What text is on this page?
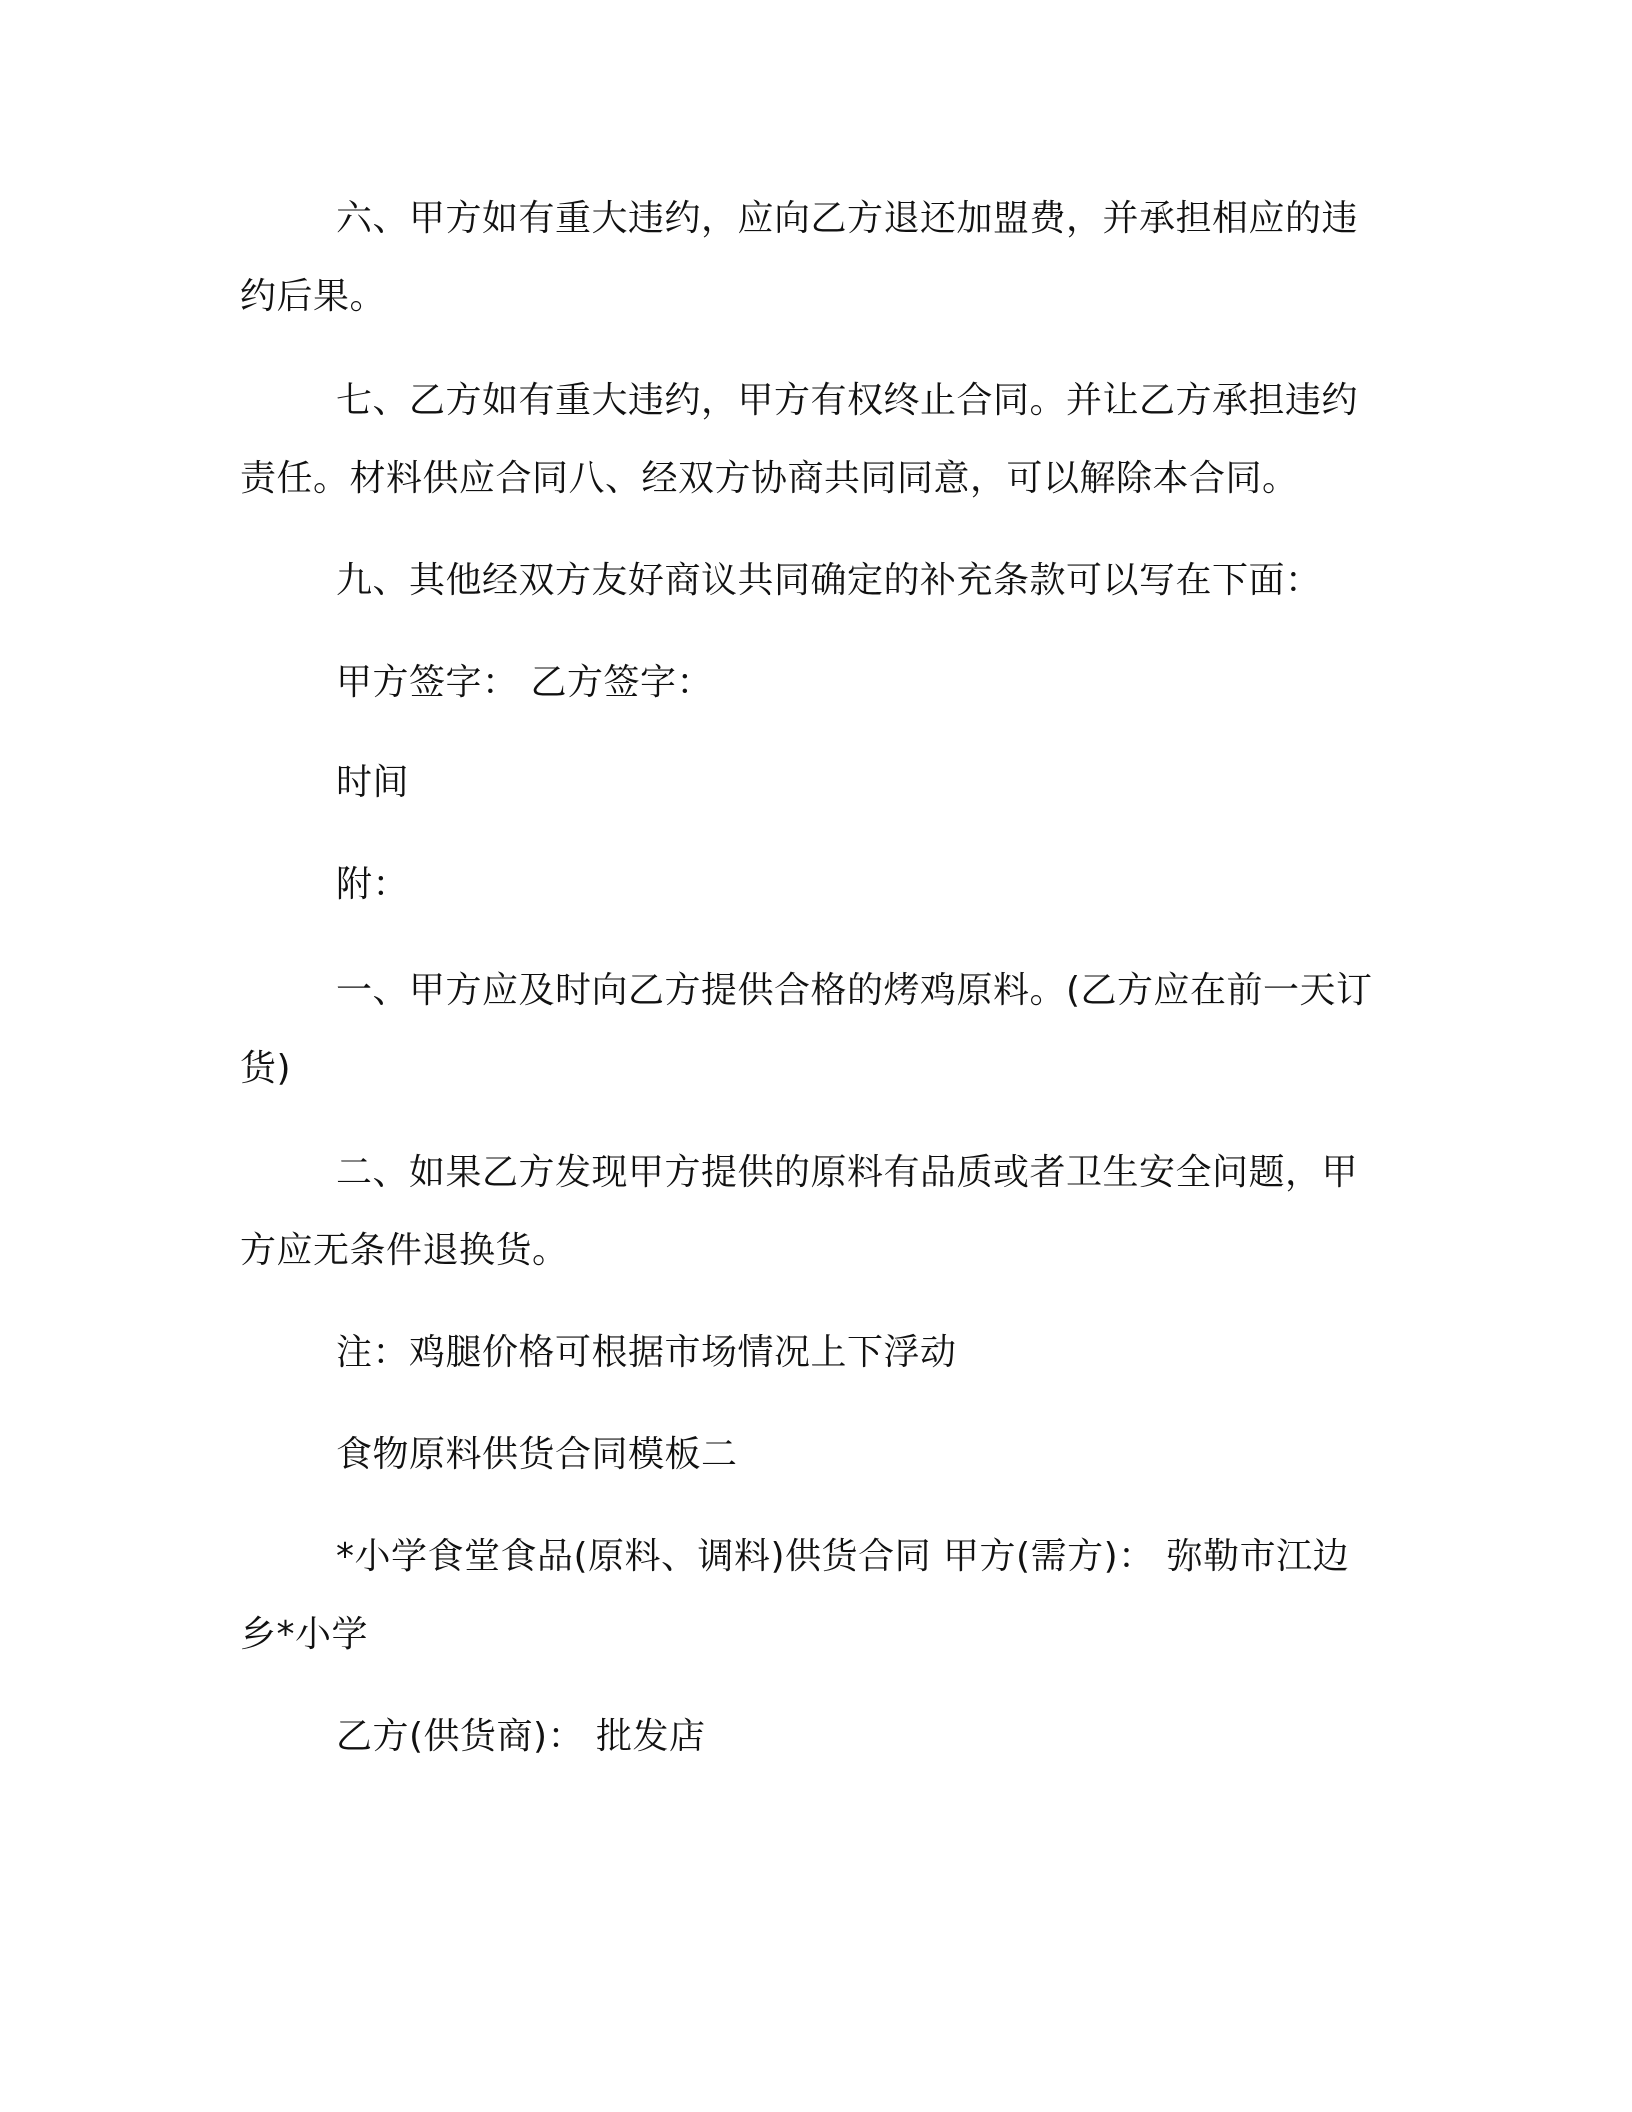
六、甲方如有重大违约，应向乙方退还加盟费，并承担相应的违约后果。

七、乙方如有重大违约，甲方有权终止合同。并让乙方承担违约责任。材料供应合同八、经双方协商共同同意，可以解除本合同。

九、其他经双方友好商议共同确定的补充条款可以写在下面：

甲方签字： 乙方签字：

时间

附：

一、甲方应及时向乙方提供合格的烤鸡原料。(乙方应在前一天订货)

二、如果乙方发现甲方提供的原料有品质或者卫生安全问题，甲方应无条件退换货。

注：鸡腿价格可根据市场情况上下浮动

食物原料供货合同模板二

*小学食堂食品(原料、调料)供货合同 甲方(需方)： 弥勒市江边乡*小学

乙方(供货商)： 批发店
